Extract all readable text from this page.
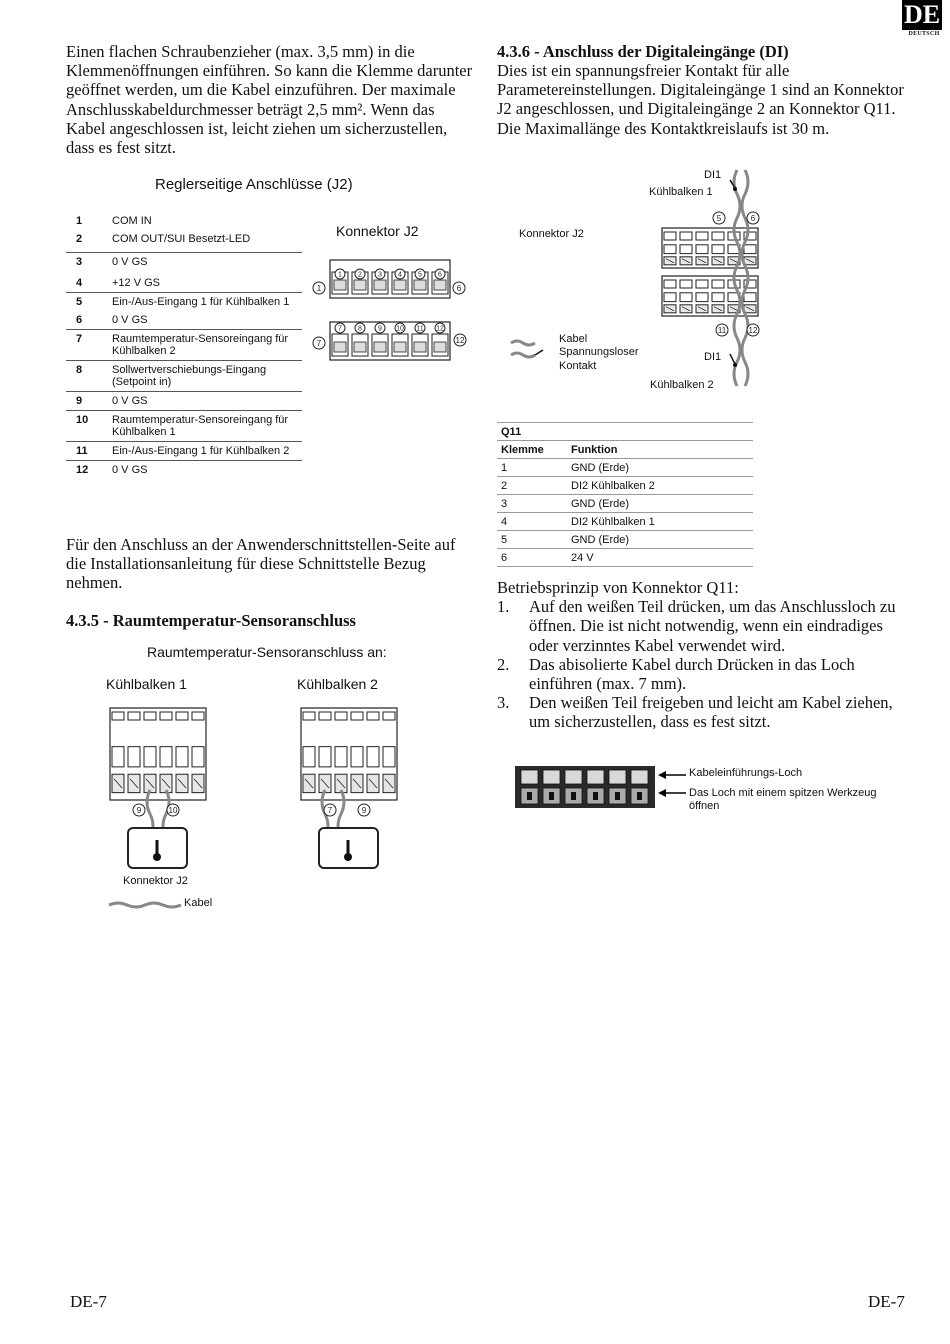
DE
DEUTSCH
Einen flachen Schraubenzieher (max. 3,5 mm) in die Klemmenöffnungen einführen. So kann die Klemme darunter geöffnet werden, um die Kabel einzuführen. Der maximale Anschlusskabeldurchmesser beträgt 2,5 mm². Wenn das Kabel angeschlossen ist, leicht ziehen um sicherzustellen, dass es fest sitzt.
Reglerseitige Anschlüsse (J2)
1	COM IN
2	COM OUT/SUI Besetzt-LED
3	0 V GS
4	+12 V GS
5	Ein-/Aus-Eingang 1 für Kühlbalken 1
6	0 V GS
7	Raumtemperatur-Sensoreingang für Kühlbalken 2
8	Sollwertverschiebungs-Eingang (Setpoint in)
9	0 V GS
10	Raumtemperatur-Sensoreingang für Kühlbalken 1
11	Ein-/Aus-Eingang 1 für Kühlbalken 2
12	0 V GS
Konnektor J2
1
7
2
8
3
9
4
10
5
11
6
12
1	6
7	12
Für den Anschluss an der Anwenderschnittstellen-Seite auf die Installationsanleitung für diese Schnittstelle Bezug nehmen.
4.3.5 - Raumtemperatur-Sensoranschluss
Raumtemperatur-Sensoranschluss an:
Kühlbalken 1	Kühlbalken 2
9	10	7	9
Konnektor J2
Kabel
4.3.6 - Anschluss der Digitaleingänge (DI)
Dies ist ein spannungsfreier Kontakt für alle Parametereinstellungen. Digitaleingänge 1 sind an Konnektor J2 angeschlossen, und Digitaleingänge 2 an Konnektor Q11. Die Maximallänge des Kontaktkreislaufs ist 30 m.
5	6
11	12
DI1
Kühlbalken 1
Konnektor J2
Kabel
Spannungsloser
Kontakt
DI1
Kühlbalken 2
Q11	
Klemme	Funktion
1	GND (Erde)
2	DI2 Kühlbalken 2
3	GND (Erde)
4	DI2 Kühlbalken 1
5	GND (Erde)
6	24 V
Betriebsprinzip von Konnektor Q11:
1. Auf den weißen Teil drücken, um das Anschlussloch zu öffnen. Die ist nicht notwendig, wenn ein eindradiges oder verzinntes Kabel verwendet wird.
2. Das abisolierte Kabel durch Drücken in das Loch einführen (max. 7 mm).
3. Den weißen Teil freigeben und leicht am Kabel ziehen, um sicherzustellen, dass es fest sitzt.
Kabeleinführungs-Loch
Das Loch mit einem spitzen Werkzeug
öffnen
DE-7	DE-7
